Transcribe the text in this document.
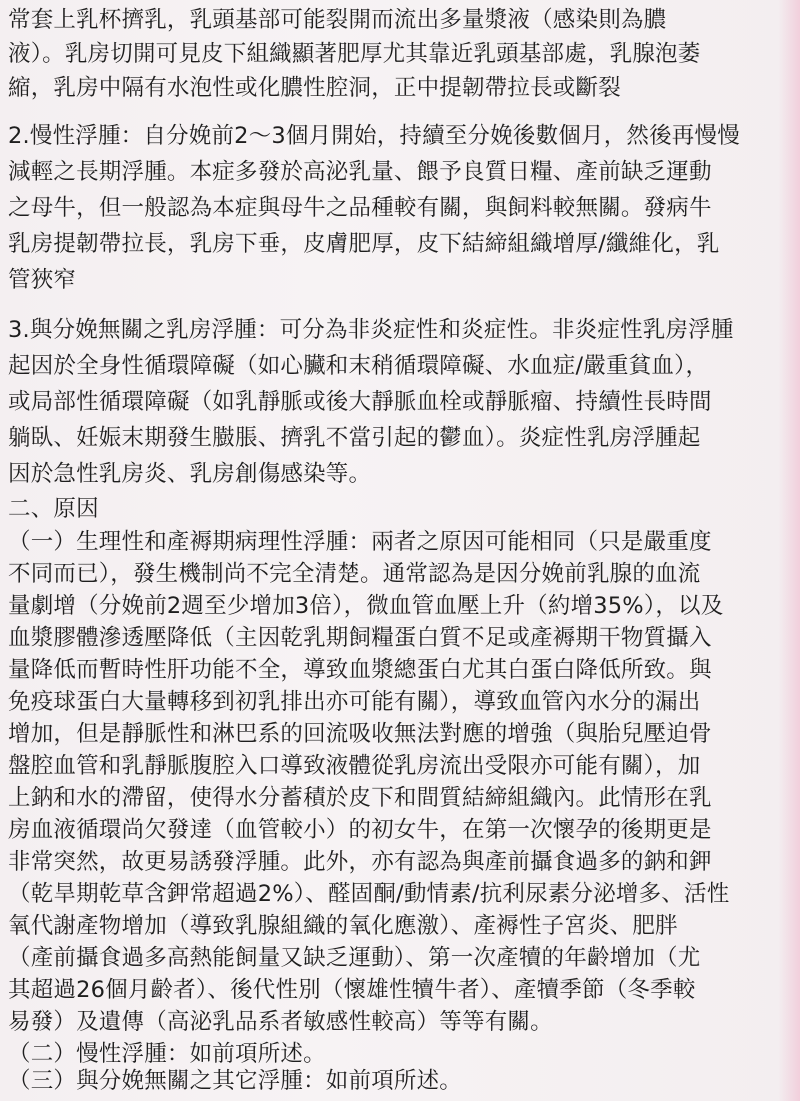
常套上乳杯擠乳，乳頭基部可能裂開而流出多量漿液（感染則為膿
液）。乳房切開可見皮下組織顯著肥厚尤其靠近乳頭基部處，乳腺泡萎
縮，乳房中隔有水泡性或化膿性腔洞，正中提韌帶拉長或斷裂
2.慢性浮腫：自分娩前2～3個月開始，持續至分娩後數個月，然後再慢慢
減輕之長期浮腫。本症多發於高泌乳量、餵予良質日糧、產前缺乏運動
之母牛，但一般認為本症與母牛之品種較有關，與飼料較無關。發病牛
乳房提韌帶拉長，乳房下垂，皮膚肥厚，皮下結締組織增厚/纖維化，乳
管狹窄
3.與分娩無關之乳房浮腫：可分為非炎症性和炎症性。非炎症性乳房浮腫
起因於全身性循環障礙（如心臟和末稍循環障礙、水血症/嚴重貧血），
或局部性循環障礙（如乳靜脈或後大靜脈血栓或靜脈瘤、持續性長時間
躺臥、妊娠末期發生臌脹、擠乳不當引起的鬱血）。炎症性乳房浮腫起
因於急性乳房炎、乳房創傷感染等。
二、原因
（一）生理性和產褥期病理性浮腫：兩者之原因可能相同（只是嚴重度
不同而已），發生機制尚不完全清楚。通常認為是因分娩前乳腺的血流
量劇增（分娩前2週至少增加3倍），微血管血壓上升（約增35%），以及
血漿膠體滲透壓降低（主因乾乳期飼糧蛋白質不足或產褥期干物質攝入
量降低而暫時性肝功能不全，導致血漿總蛋白尤其白蛋白降低所致。與
免疫球蛋白大量轉移到初乳排出亦可能有關），導致血管內水分的漏出
增加，但是靜脈性和淋巴系的回流吸收無法對應的增強（與胎兒壓迫骨
盤腔血管和乳靜脈腹腔入口導致液體從乳房流出受限亦可能有關），加
上鈉和水的滯留，使得水分蓄積於皮下和間質結締組織內。此情形在乳
房血液循環尚欠發達（血管較小）的初女牛，在第一次懷孕的後期更是
非常突然，故更易誘發浮腫。此外，亦有認為與產前攝食過多的鈉和鉀
（乾旱期乾草含鉀常超過2%）、醛固酮/動情素/抗利尿素分泌增多、活性
氧代謝產物增加（導致乳腺組織的氧化應激）、產褥性子宮炎、肥胖
（產前攝食過多高熱能飼量又缺乏運動）、第一次產犢的年齡增加（尤
其超過26個月齡者）、後代性別（懷雄性犢牛者）、產犢季節（冬季較
易發）及遺傳（高泌乳品系者敏感性較高）等等有關。
（二）慢性浮腫：如前項所述。
（三）與分娩無關之其它浮腫：如前項所述。
